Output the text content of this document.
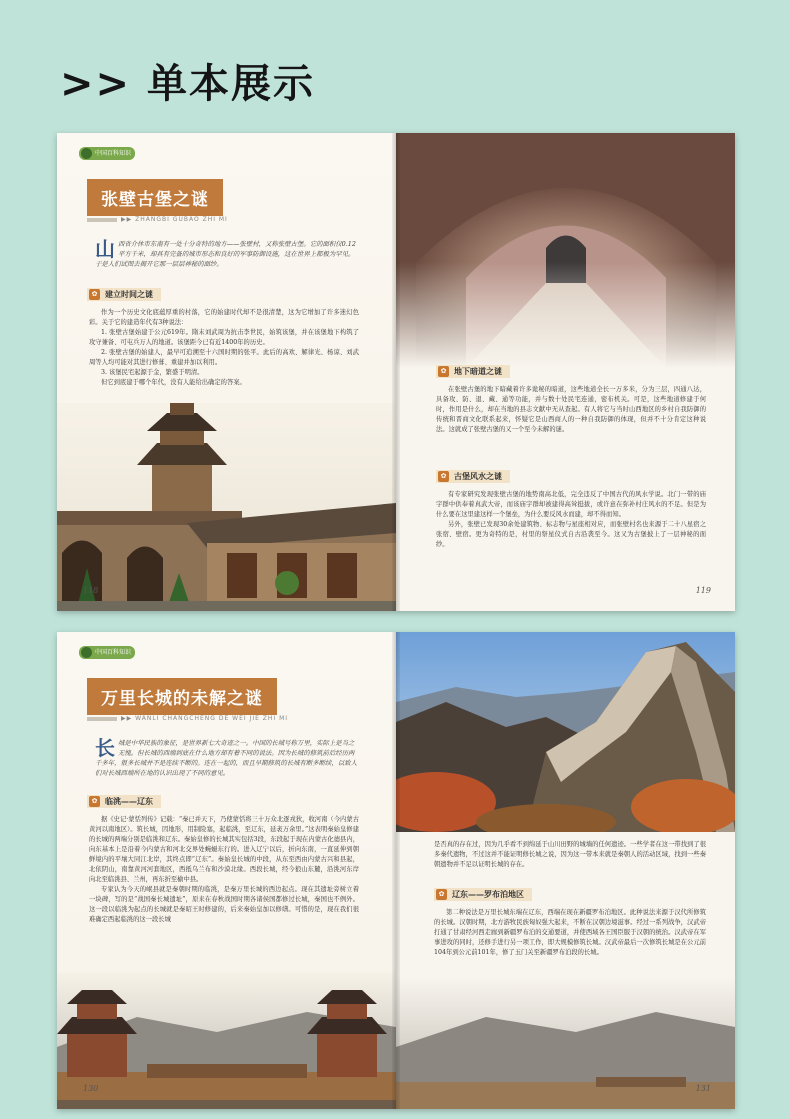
>> 单本展示
中国百科知识
张壁古堡之谜
▶▶ ZHANGBI GUBAO ZHI MI
山西省介休市东南有一处十分奇特的地方——张壁村，又称张壁古堡。它的面积仅0.12平方千米，却具有完备的城市形态和良好的军事防御设施，这在世界上都极为罕见。于是人们试图去揭开它那一层层神秘的面纱。
✿ 建立时间之谜

作为一个历史文化底蕴厚重的村落，它的始建时代却不是很清楚，这为它增加了许多迷幻色彩。关于它的建造年代有3种说法：

1. 张壁古堡始建于公元619年。隋末刘武周为抗击李世民，始筑该堡，并在该堡地下构筑了攻守兼备、可屯兵万人的地道。该堡距今已有近1400年的历史。

2. 张壁古堡的始建人，最早可追溯至十六国时期的张平。此后的高欢、解律光、杨谅、刘武周等人均可能对其进行修葺、重建并加以利用。

3. 该堡民宅起源于金，繁盛于明清。

但它到底建于哪个年代，没有人能给出确定的答案。

118
✿ 地下暗道之谜

在张壁古堡的地下暗藏着许多诡秘的暗道，这些地道全长一万多米，分为三层，四通八达，具备攻、防、退、藏、通等功能，并与数十处民宅连通，密布机关。可是，这些地道修建于何时，作用是什么，却在当地的县志文献中无从查起。有人将它与当时山西地区的乡村自我防御的传统和晋商文化联系起来，怀疑它是山西商人的一种自我防御的体现，但并不十分肯定这种说法。这就成了张壁古堡的又一个至今未解的谜。

✿ 古堡风水之谜

有专家研究发现张壁古堡的地势南高北低，完全违反了中国古代的风水学说。北门一带的庙宇群中供奉着真武大帝，而该庙宇群却被建得高耸挺拔，或许意在弥补村庄风水的不足。但是为什么要在这里建这样一个堡垒，为什么要反风水而建，却不得而知。

另外，张壁已发现30余处建筑物、标志物与星座相对应，而张壁村名也来源于二十八星宿之张宿、壁宿。更为奇特的是，村里的祭星仪式自古沿袭至今。这又为古堡披上了一层神秘的面纱。

119
中国百科知识
万里长城的未解之谜
▶▶ WANLI CHANGCHENG DE WEI JIE ZHI MI
长城是中华民族的象征，是世界新七大奇迹之一。中国的长城号称万里，实际上是当之无愧。但长城的西端到底在什么地方却有着不同的说法。因为长城的修筑前后经历两千多年，很多长城并不是连续不断的。连在一起的，而且早期修筑的长城有断多断续，以致人们对长城西端所在地的认识出现了不同的意见。
✿ 临洮——辽东

据《史记·蒙恬列传》记载：“秦已并天下，乃使蒙恬将三十万众北逐戎狄，收河南（今内蒙古黄河以南地区）。筑长城，因地形，用制险塞，起临洮，至辽东，延袤万余里。”这表明秦始皇修建的长城的两端分别是临洮和辽东。秦始皇修的长城其实包括3段，东段起于现在内蒙古化德县内，向东基本上是沿着今内蒙古和河北交界处蜿蜒东行的。进入辽宁以后，折向东南，一直延伸到朝鲜境内的平壤大同江北岸，其终点即“辽东”。秦始皇长城的中段，从东至西由内蒙古兴和县起，北依阴山，南靠黄河河套地区，西抵乌兰布和沙漠北缘。西段长城，经今狼山东麓，沿洮河东岸向北至临洮县、兰州，再东折至榆中县。

专家认为今天的岷县就是秦朝时期的临洮，是秦万里长城的西边起点。现在其遗址旁树立着一块碑，写的是“战国秦长城遗址”，原来在春秋战国时期各诸侯国都修过长城，秦国也不例外。这一段以临洮为起点的长城就是秦昭王时修建的，后来秦始皇加以修缮。可惜的是，现在我们很难确定西起临洮的这一段长城

130

是否真的存在过，因为几乎看不到绵延于山川田野的城墙的任何遗迹。一些学者在这一带找到了很多秦代遗物，不过这并不能证明修长城之说，因为这一带本来就是秦朝人的活动区域，找到一些秦朝遗物并不足以证明长城的存在。

✿ 辽东——罗布泊地区

第二种说法是万里长城东端在辽东，西端在现在新疆罗布泊地区。此种说法来源于汉代所修筑的长城。汉朝时期，北方游牧民族匈奴强大起来，不断在汉朝边境滋事。经过一系列战争，汉武帝打通了甘肃经河西走廊到新疆罗布泊的交通要道，并使西域各王国臣服于汉朝的统治。汉武帝在军事进攻的同时，还修手进行另一项工作，即大规模修筑长城。汉武帝最后一次修筑长城是在公元前104年到公元前101年，修了玉门关至新疆罗布泊段的长城。

131
